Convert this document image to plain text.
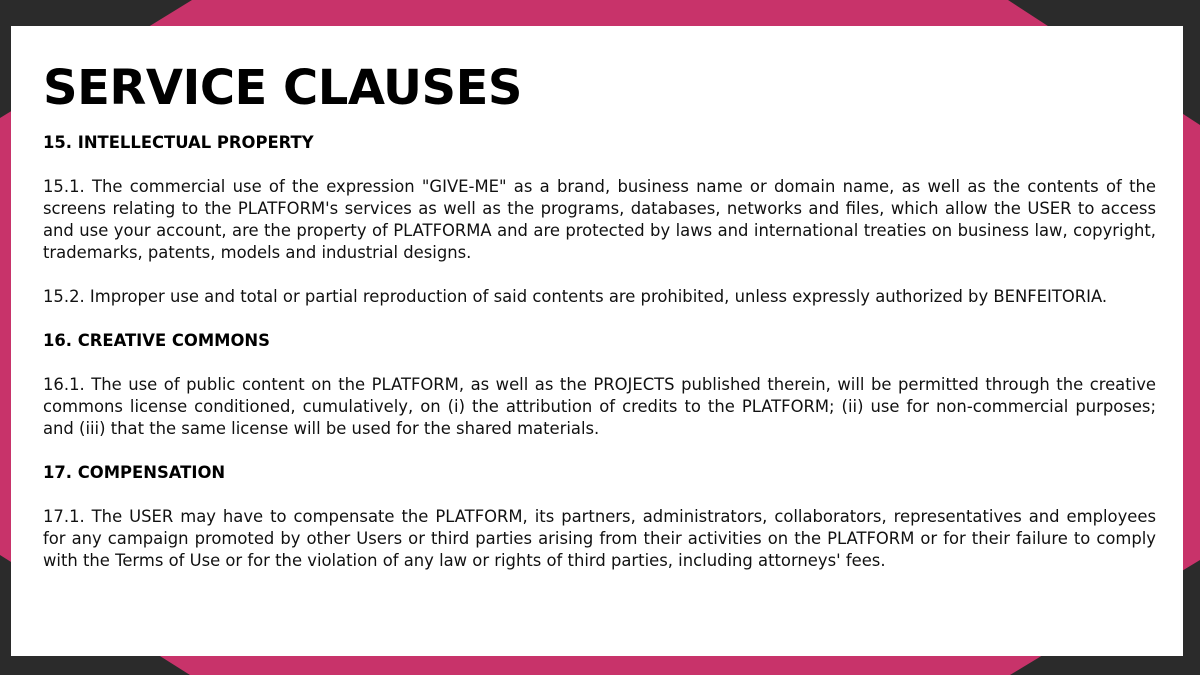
SERVICE CLAUSES

15. INTELLECTUAL PROPERTY

15.1. The commercial use of the expression "GIVE-ME" as a brand, business name or domain name, as well as the contents of the screens relating to the PLATFORM's services as well as the programs, databases, networks and files, which allow the USER to access and use your account, are the property of PLATFORMA and are protected by laws and international treaties on business law, copyright, trademarks, patents, models and industrial designs.

15.2. Improper use and total or partial reproduction of said contents are prohibited, unless expressly authorized by BENFEITORIA.

16. CREATIVE COMMONS

16.1. The use of public content on the PLATFORM, as well as the PROJECTS published therein, will be permitted through the creative commons license conditioned, cumulatively, on (i) the attribution of credits to the PLATFORM; (ii) use for non-commercial purposes; and (iii) that the same license will be used for the shared materials.

17. COMPENSATION

17.1. The USER may have to compensate the PLATFORM, its partners, administrators, collaborators, representatives and employees for any campaign promoted by other Users or third parties arising from their activities on the PLATFORM or for their failure to comply with the Terms of Use or for the violation of any law or rights of third parties, including attorneys' fees.
